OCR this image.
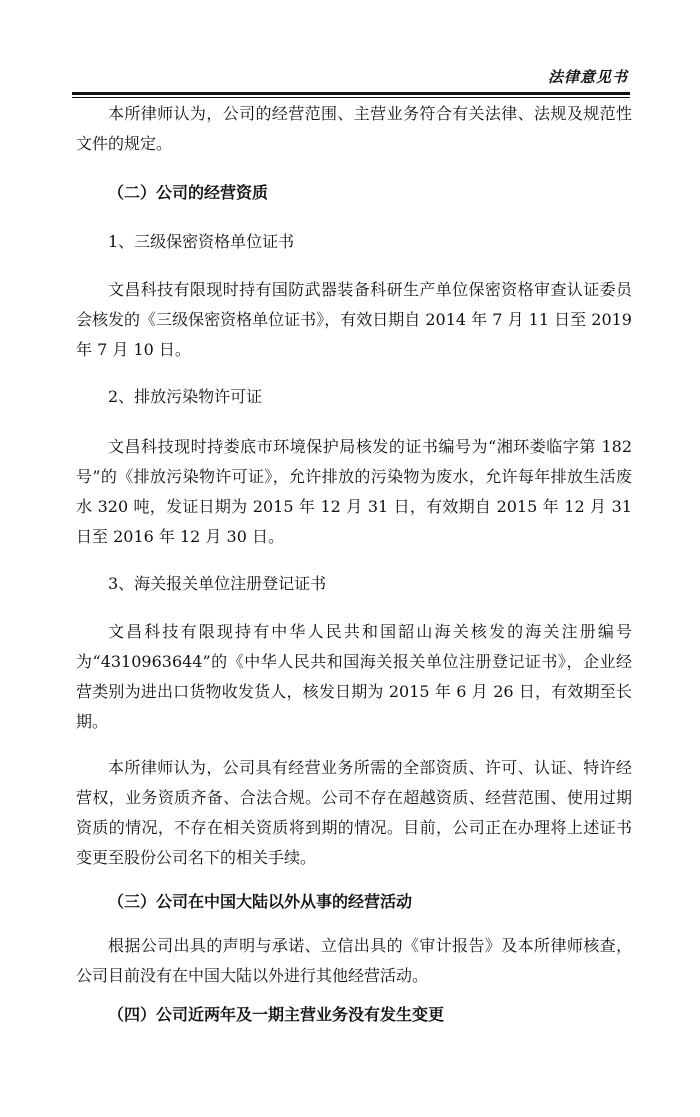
法律意见书

本所律师认为，公司的经营范围、主营业务符合有关法律、法规及规范性文件的规定。

（二）公司的经营资质

1、三级保密资格单位证书

文昌科技有限现时持有国防武器装备科研生产单位保密资格审查认证委员会核发的《三级保密资格单位证书》，有效日期自 2014 年 7 月 11 日至 2019 年 7 月 10 日。

2、排放污染物许可证

文昌科技现时持娄底市环境保护局核发的证书编号为“湘环娄临字第 182 号”的《排放污染物许可证》，允许排放的污染物为废水，允许每年排放生活废水 320 吨，发证日期为 2015 年 12 月 31 日，有效期自 2015 年 12 月 31 日至 2016 年 12 月 30 日。

3、海关报关单位注册登记证书

文昌科技有限现持有中华人民共和国韶山海关核发的海关注册编号为“4310963644”的《中华人民共和国海关报关单位注册登记证书》，企业经营类别为进出口货物收发货人，核发日期为 2015 年 6 月 26 日，有效期至长期。

本所律师认为，公司具有经营业务所需的全部资质、许可、认证、特许经营权，业务资质齐备、合法合规。公司不存在超越资质、经营范围、使用过期资质的情况，不存在相关资质将到期的情况。目前，公司正在办理将上述证书变更至股份公司名下的相关手续。

（三）公司在中国大陆以外从事的经营活动

根据公司出具的声明与承诺、立信出具的《审计报告》及本所律师核查，公司目前没有在中国大陆以外进行其他经营活动。

（四）公司近两年及一期主营业务没有发生变更
